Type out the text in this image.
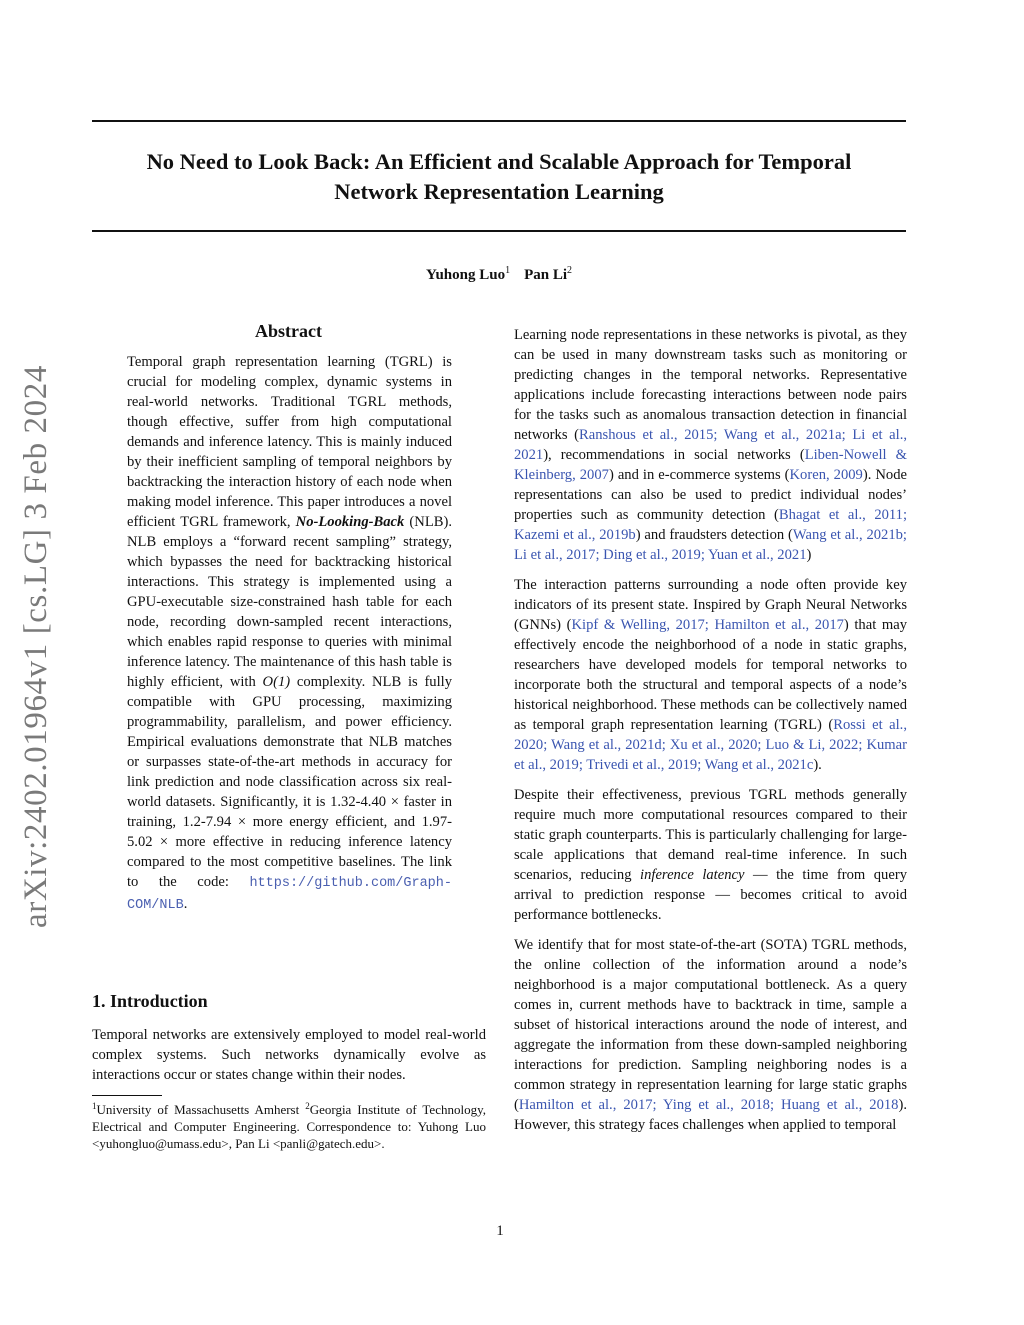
No Need to Look Back: An Efficient and Scalable Approach for Temporal
Network Representation Learning
Yuhong Luo$^1$ Pan Li$^2$
arXiv:2402.01964v1 [cs.LG] 3 Feb 2024
Abstract
Temporal graph representation learning (TGRL) is crucial for modeling complex, dynamic systems in real-world networks. Traditional TGRL methods, though effective, suffer from high computational demands and inference latency. This is mainly induced by their inefficient sampling of temporal neighbors by backtracking the interaction history of each node when making model inference. This paper introduces a novel efficient TGRL framework, No-Looking-Back (NLB). NLB employs a “forward recent sampling” strategy, which bypasses the need for backtracking historical interactions. This strategy is implemented using a GPU-executable size-constrained hash table for each node, recording down-sampled recent interactions, which enables rapid response to queries with minimal inference latency. The maintenance of this hash table is highly efficient, with O(1) complexity. NLB is fully compatible with GPU processing, maximizing programmability, parallelism, and power efficiency. Empirical evaluations demonstrate that NLB matches or surpasses state-of-the-art methods in accuracy for link prediction and node classification across six real-world datasets. Significantly, it is 1.32-4.40 × faster in training, 1.2-7.94 × more energy efficient, and 1.97-5.02 × more effective in reducing inference latency compared to the most competitive baselines. The link to the code: https://github.com/Graph-COM/NLB.
1. Introduction
Temporal networks are extensively employed to model real-world complex systems. Such networks dynamically evolve as interactions occur or states change within their nodes.
$^1$University of Massachusetts Amherst $^2$Georgia Institute of Technology, Electrical and Computer Engineering. Correspondence to: Yuhong Luo <yuhongluo@umass.edu>, Pan Li <panli@gatech.edu>.

Learning node representations in these networks is pivotal, as they can be used in many downstream tasks such as monitoring or predicting changes in the temporal networks. Representative applications include forecasting interactions between node pairs for the tasks such as anomalous transaction detection in financial networks (Ranshous et al., 2015; Wang et al., 2021a; Li et al., 2021), recommendations in social networks (Liben-Nowell & Kleinberg, 2007) and in e-commerce systems (Koren, 2009). Node representations can also be used to predict individual nodes’ properties such as community detection (Bhagat et al., 2011; Kazemi et al., 2019b) and fraudsters detection (Wang et al., 2021b; Li et al., 2017; Ding et al., 2019; Yuan et al., 2021)

The interaction patterns surrounding a node often provide key indicators of its present state. Inspired by Graph Neural Networks (GNNs) (Kipf & Welling, 2017; Hamilton et al., 2017) that may effectively encode the neighborhood of a node in static graphs, researchers have developed models for temporal networks to incorporate both the structural and temporal aspects of a node’s historical neighborhood. These methods can be collectively named as temporal graph representation learning (TGRL) (Rossi et al., 2020; Wang et al., 2021d; Xu et al., 2020; Luo & Li, 2022; Kumar et al., 2019; Trivedi et al., 2019; Wang et al., 2021c).

Despite their effectiveness, previous TGRL methods generally require much more computational resources compared to their static graph counterparts. This is particularly challenging for large-scale applications that demand real-time inference. In such scenarios, reducing inference latency — the time from query arrival to prediction response — becomes critical to avoid performance bottlenecks.

We identify that for most state-of-the-art (SOTA) TGRL methods, the online collection of the information around a node’s neighborhood is a major computational bottleneck. As a query comes in, current methods have to backtrack in time, sample a subset of historical interactions around the node of interest, and aggregate the information from these down-sampled neighboring interactions for prediction. Sampling neighboring nodes is a common strategy in representation learning for large static graphs (Hamilton et al., 2017; Ying et al., 2018; Huang et al., 2018). However, this strategy faces challenges when applied to temporal

1
